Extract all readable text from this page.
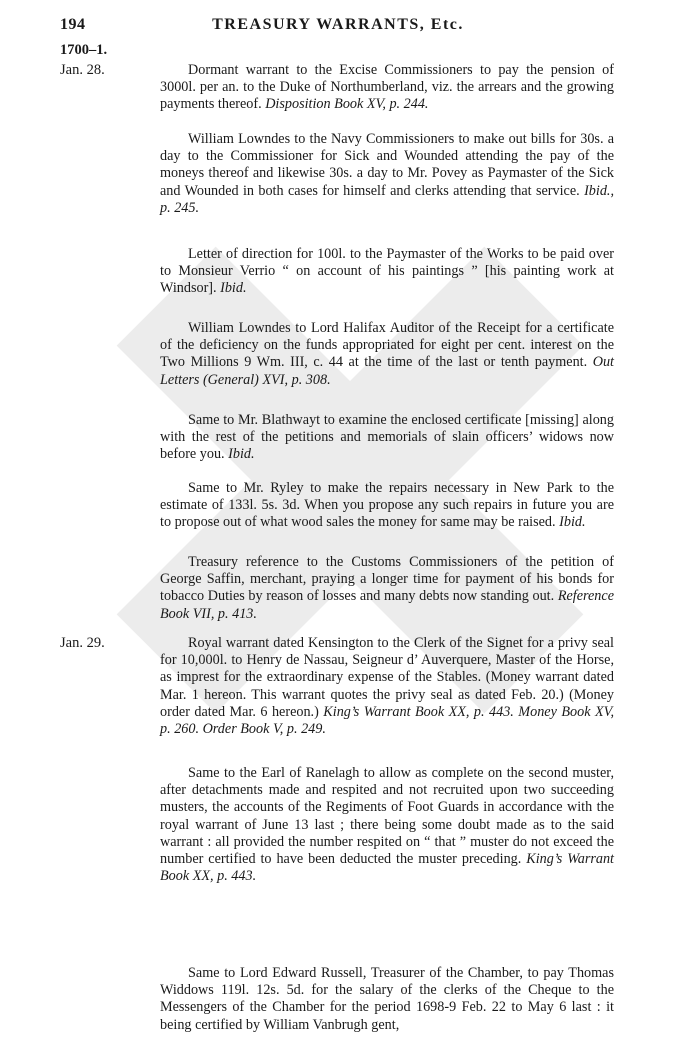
194	TREASURY WARRANTS, Etc.
1700–1.
Jan. 28.
Jan. 29.

Dormant warrant to the Excise Commissioners to pay the pension of 3000l. per an. to the Duke of Northumberland, viz. the arrears and the growing payments thereof. Disposition Book XV, p. 244.

William Lowndes to the Navy Commissioners to make out bills for 30s. a day to the Commissioner for Sick and Wounded attending the pay of the moneys thereof and likewise 30s. a day to Mr. Povey as Paymaster of the Sick and Wounded in both cases for himself and clerks attending that service. Ibid., p. 245.

Letter of direction for 100l. to the Paymaster of the Works to be paid over to Monsieur Verrio “ on account of his paintings ” [his painting work at Windsor]. Ibid.

William Lowndes to Lord Halifax Auditor of the Receipt for a certificate of the deficiency on the funds appropriated for eight per cent. interest on the Two Millions 9 Wm. III, c. 44 at the time of the last or tenth payment. Out Letters (General) XVI, p. 308.

Same to Mr. Blathwayt to examine the enclosed certificate [missing] along with the rest of the petitions and memorials of slain officers’ widows now before you. Ibid.

Same to Mr. Ryley to make the repairs necessary in New Park to the estimate of 133l. 5s. 3d. When you propose any such repairs in future you are to propose out of what wood sales the money for same may be raised. Ibid.

Treasury reference to the Customs Commissioners of the petition of George Saffin, merchant, praying a longer time for payment of his bonds for tobacco Duties by reason of losses and many debts now standing out. Reference Book VII, p. 413.

Royal warrant dated Kensington to the Clerk of the Signet for a privy seal for 10,000l. to Henry de Nassau, Seigneur d’ Auverquere, Master of the Horse, as imprest for the extraordinary expense of the Stables. (Money warrant dated Mar. 1 hereon. This warrant quotes the privy seal as dated Feb. 20.) (Money order dated Mar. 6 hereon.) King’s Warrant Book XX, p. 443. Money Book XV, p. 260. Order Book V, p. 249.

Same to the Earl of Ranelagh to allow as complete on the second muster, after detachments made and respited and not recruited upon two succeeding musters, the accounts of the Regiments of Foot Guards in accordance with the royal warrant of June 13 last ; there being some doubt made as to the said warrant : all provided the number respited on “ that ” muster do not exceed the number certified to have been deducted the muster preceding. King’s Warrant Book XX, p. 443.

Same to Lord Edward Russell, Treasurer of the Chamber, to pay Thomas Widdows 119l. 12s. 5d. for the salary of the clerks of the Cheque to the Messengers of the Chamber for the period 1698-9 Feb. 22 to May 6 last : it being certified by William Vanbrugh gent,
